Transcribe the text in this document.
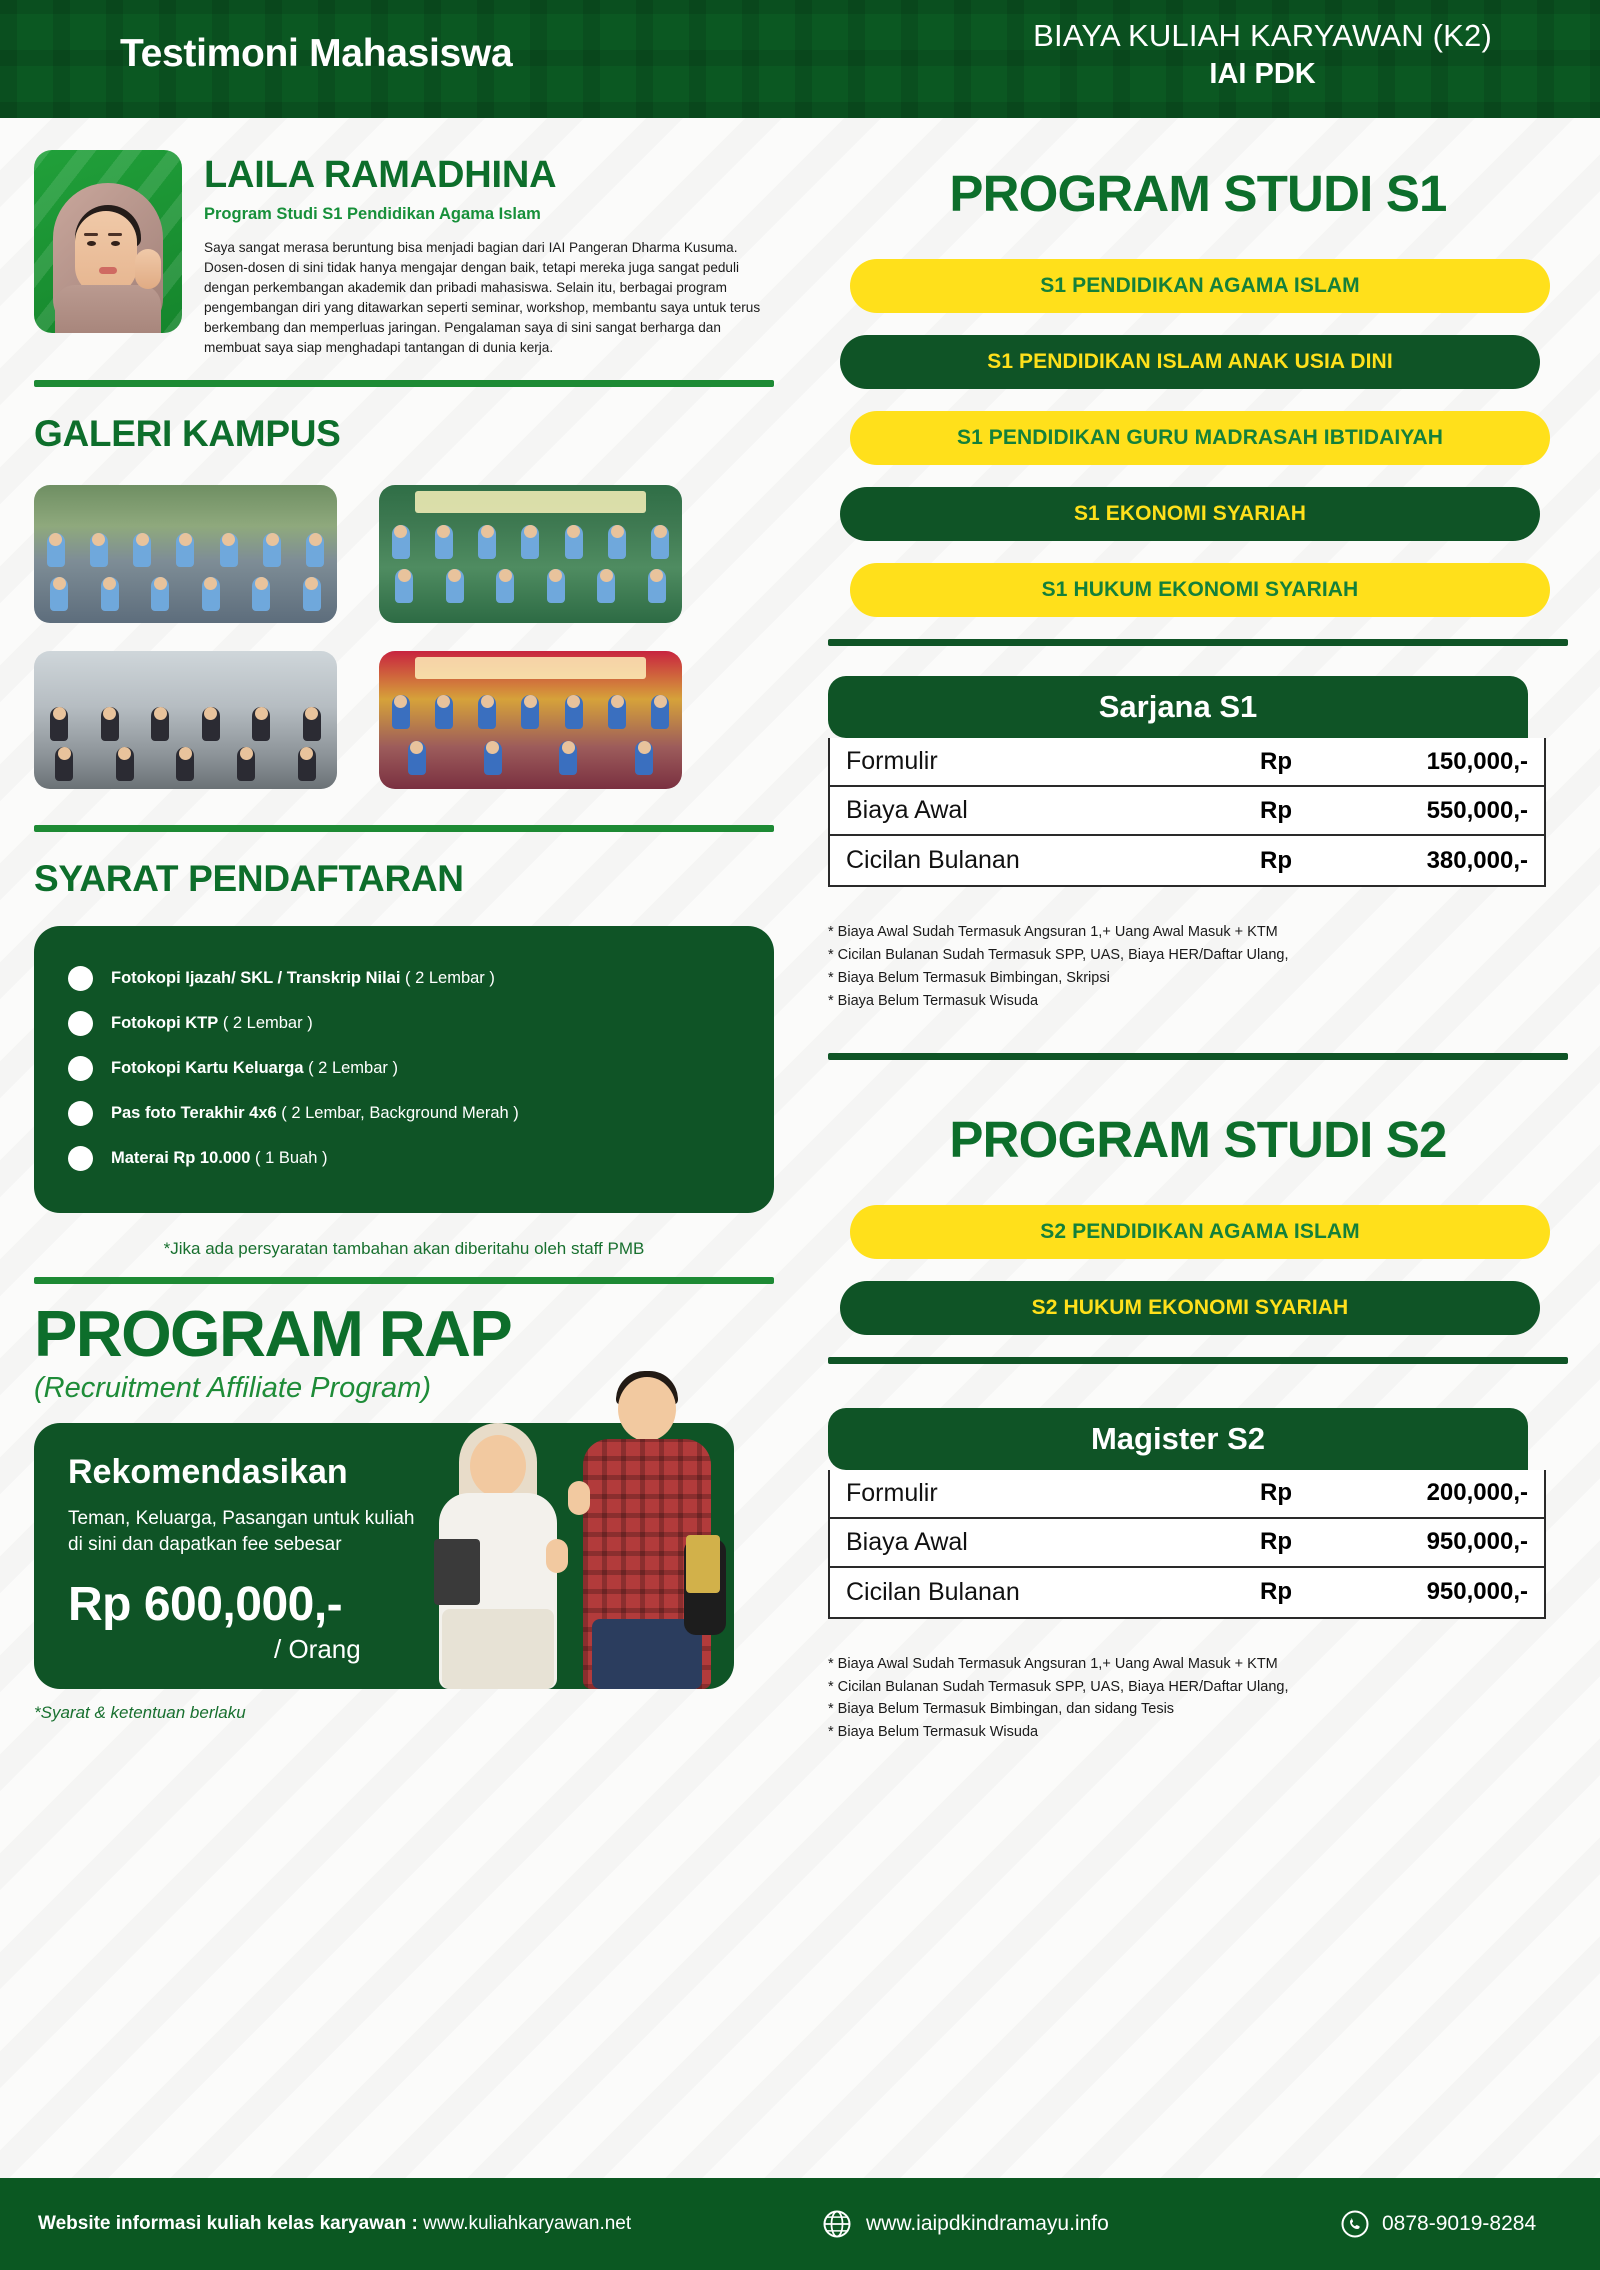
Testimoni Mahasiswa	BIAYA KULIAH KARYAWAN (K2)
IAI PDK
LAILA RAMADHINA
Program Studi S1 Pendidikan Agama Islam
Saya sangat merasa beruntung bisa menjadi bagian dari IAI Pangeran Dharma Kusuma. Dosen-dosen di sini tidak hanya mengajar dengan baik, tetapi mereka juga sangat peduli dengan perkembangan akademik dan pribadi mahasiswa. Selain itu, berbagai program pengembangan diri yang ditawarkan seperti seminar, workshop, membantu saya untuk terus berkembang dan memperluas jaringan. Pengalaman saya di sini sangat berharga dan membuat saya siap menghadapi tantangan di dunia kerja.
GALERI KAMPUS
SYARAT PENDAFTARAN
Fotokopi Ijazah/ SKL / Transkrip Nilai ( 2 Lembar )
Fotokopi KTP ( 2 Lembar )
Fotokopi Kartu Keluarga ( 2 Lembar )
Pas foto Terakhir 4x6 ( 2 Lembar, Background Merah )
Materai Rp 10.000 ( 1 Buah )
*Jika ada persyaratan tambahan akan diberitahu oleh staff PMB
PROGRAM RAP
(Recruitment Affiliate Program)
Rekomendasikan
Teman, Keluarga, Pasangan untuk kuliah di sini dan dapatkan fee sebesar
Rp 600,000,-
/ Orang
*Syarat & ketentuan berlaku
PROGRAM STUDI S1
S1 PENDIDIKAN AGAMA ISLAM
S1 PENDIDIKAN ISLAM ANAK USIA DINI
S1 PENDIDIKAN GURU MADRASAH IBTIDAIYAH
S1 EKONOMI SYARIAH
S1 HUKUM EKONOMI SYARIAH
Sarjana S1
Formulir	Rp	150,000,-
Biaya Awal	Rp	550,000,-
Cicilan Bulanan	Rp	380,000,-
* Biaya Awal Sudah Termasuk Angsuran 1,+ Uang Awal Masuk + KTM
* Cicilan Bulanan Sudah Termasuk SPP, UAS, Biaya HER/Daftar Ulang,
* Biaya Belum Termasuk Bimbingan, Skripsi
* Biaya Belum Termasuk Wisuda
PROGRAM STUDI S2
S2 PENDIDIKAN AGAMA ISLAM
S2 HUKUM EKONOMI SYARIAH
Magister S2
Formulir	Rp	200,000,-
Biaya Awal	Rp	950,000,-
Cicilan Bulanan	Rp	950,000,-
* Biaya Awal Sudah Termasuk Angsuran 1,+ Uang Awal Masuk + KTM
* Cicilan Bulanan Sudah Termasuk SPP, UAS, Biaya HER/Daftar Ulang,
* Biaya Belum Termasuk Bimbingan, dan sidang Tesis
* Biaya Belum Termasuk Wisuda
Website informasi kuliah kelas karyawan : www.kuliahkaryawan.net	www.iaipdkindramayu.info	0878-9019-8284
